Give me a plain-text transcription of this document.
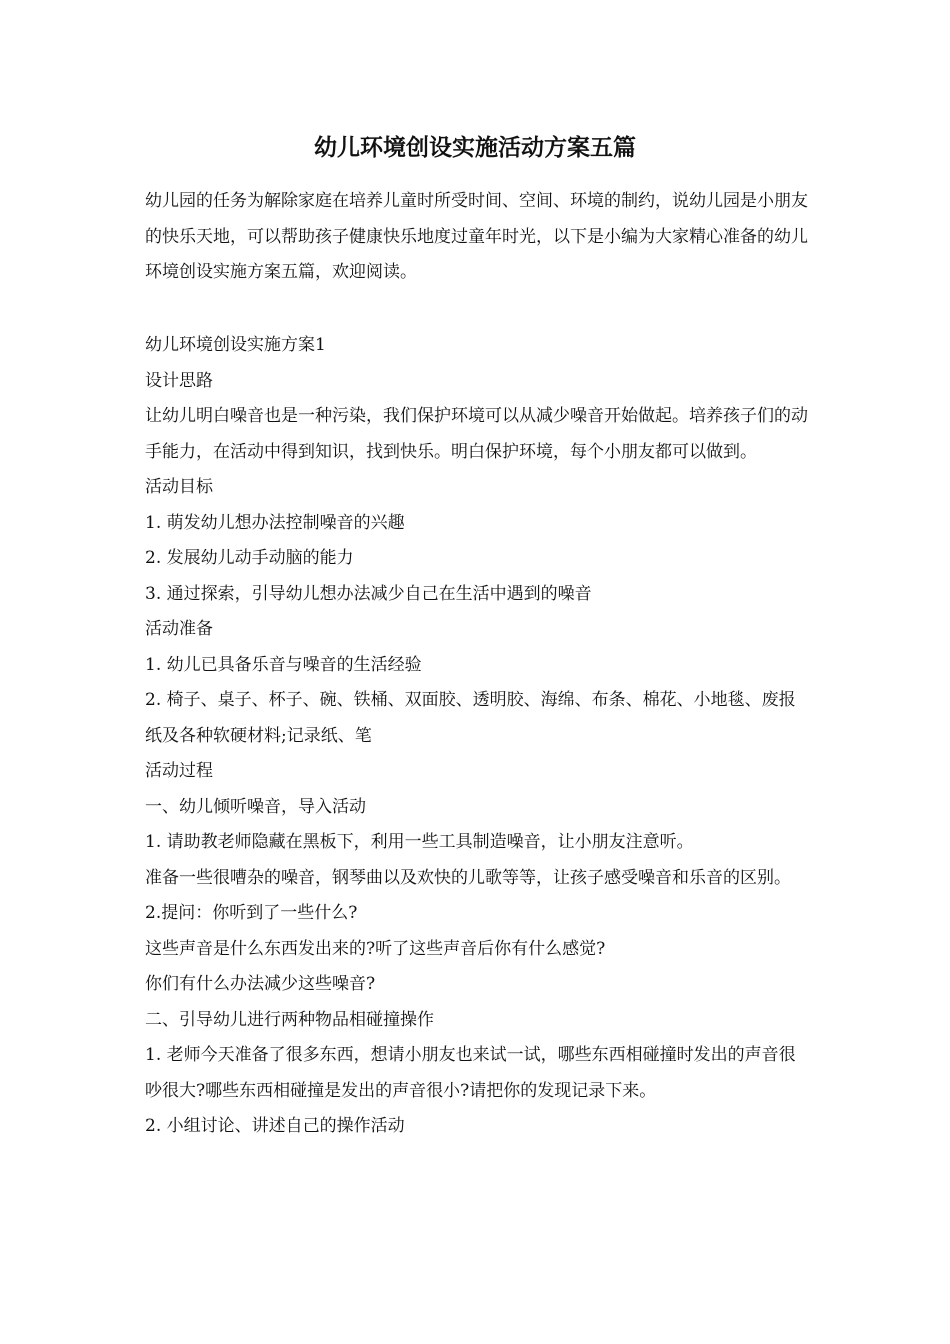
幼儿环境创设实施活动方案五篇

幼儿园的任务为解除家庭在培养儿童时所受时间、空间、环境的制约，说幼儿园是小朋友的快乐天地，可以帮助孩子健康快乐地度过童年时光，以下是小编为大家精心准备的幼儿环境创设实施方案五篇，欢迎阅读。

幼儿环境创设实施方案1

设计思路

让幼儿明白噪音也是一种污染，我们保护环境可以从减少噪音开始做起。培养孩子们的动手能力，在活动中得到知识，找到快乐。明白保护环境，每个小朋友都可以做到。

活动目标

1. 萌发幼儿想办法控制噪音的兴趣

2. 发展幼儿动手动脑的能力

3. 通过探索，引导幼儿想办法减少自己在生活中遇到的噪音

活动准备

1. 幼儿已具备乐音与噪音的生活经验

2. 椅子、桌子、杯子、碗、铁桶、双面胶、透明胶、海绵、布条、棉花、小地毯、废报纸及各种软硬材料;记录纸、笔

活动过程

一、幼儿倾听噪音，导入活动

1. 请助教老师隐藏在黑板下，利用一些工具制造噪音，让小朋友注意听。

准备一些很嘈杂的噪音，钢琴曲以及欢快的儿歌等等，让孩子感受噪音和乐音的区别。

2.提问：你听到了一些什么?

这些声音是什么东西发出来的?听了这些声音后你有什么感觉?

你们有什么办法减少这些噪音?

二、引导幼儿进行两种物品相碰撞操作

1. 老师今天准备了很多东西，想请小朋友也来试一试，哪些东西相碰撞时发出的声音很吵很大?哪些东西相碰撞是发出的声音很小?请把你的发现记录下来。

2. 小组讨论、讲述自己的操作活动
